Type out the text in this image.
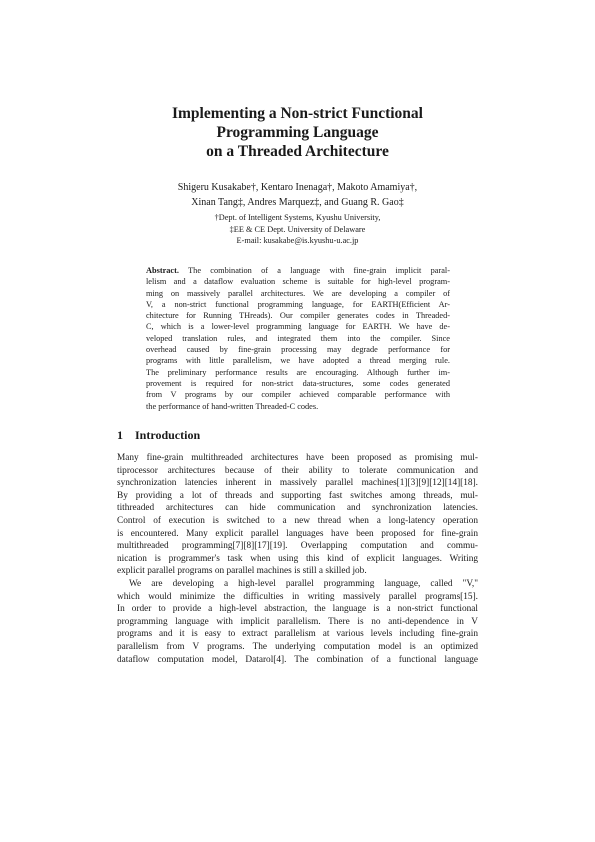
Implementing a Non-strict Functional
Programming Language
on a Threaded Architecture
Shigeru Kusakabe†, Kentaro Inenaga†, Makoto Amamiya†,
Xinan Tang‡, Andres Marquez‡, and Guang R. Gao‡
†Dept. of Intelligent Systems, Kyushu University,
‡EE & CE Dept. University of Delaware
E-mail: kusakabe@is.kyushu-u.ac.jp
Abstract. The combination of a language with fine-grain implicit paral-
lelism and a dataflow evaluation scheme is suitable for high-level program-
ming on massively parallel architectures. We are developing a compiler of
V, a non-strict functional programming language, for EARTH(Efficient Ar-
chitecture for Running THreads). Our compiler generates codes in Threaded-
C, which is a lower-level programming language for EARTH. We have de-
veloped translation rules, and integrated them into the compiler. Since
overhead caused by fine-grain processing may degrade performance for
programs with little parallelism, we have adopted a thread merging rule.
The preliminary performance results are encouraging. Although further im-
provement is required for non-strict data-structures, some codes generated
from V programs by our compiler achieved comparable performance with
the performance of hand-written Threaded-C codes.
1 Introduction
Many fine-grain multithreaded architectures have been proposed as promising mul-
tiprocessor architectures because of their ability to tolerate communication and
synchronization latencies inherent in massively parallel machines[1][3][9][12][14][18].
By providing a lot of threads and supporting fast switches among threads, mul-
tithreaded architectures can hide communication and synchronization latencies.
Control of execution is switched to a new thread when a long-latency operation
is encountered. Many explicit parallel languages have been proposed for fine-grain
multithreaded programming[7][8][17][19]. Overlapping computation and commu-
nication is programmer's task when using this kind of explicit languages. Writing
explicit parallel programs on parallel machines is still a skilled job.
We are developing a high-level parallel programming language, called "V,"
which would minimize the difficulties in writing massively parallel programs[15].
In order to provide a high-level abstraction, the language is a non-strict functional
programming language with implicit parallelism. There is no anti-dependence in V
programs and it is easy to extract parallelism at various levels including fine-grain
parallelism from V programs. The underlying computation model is an optimized
dataflow computation model, Datarol[4]. The combination of a functional language
